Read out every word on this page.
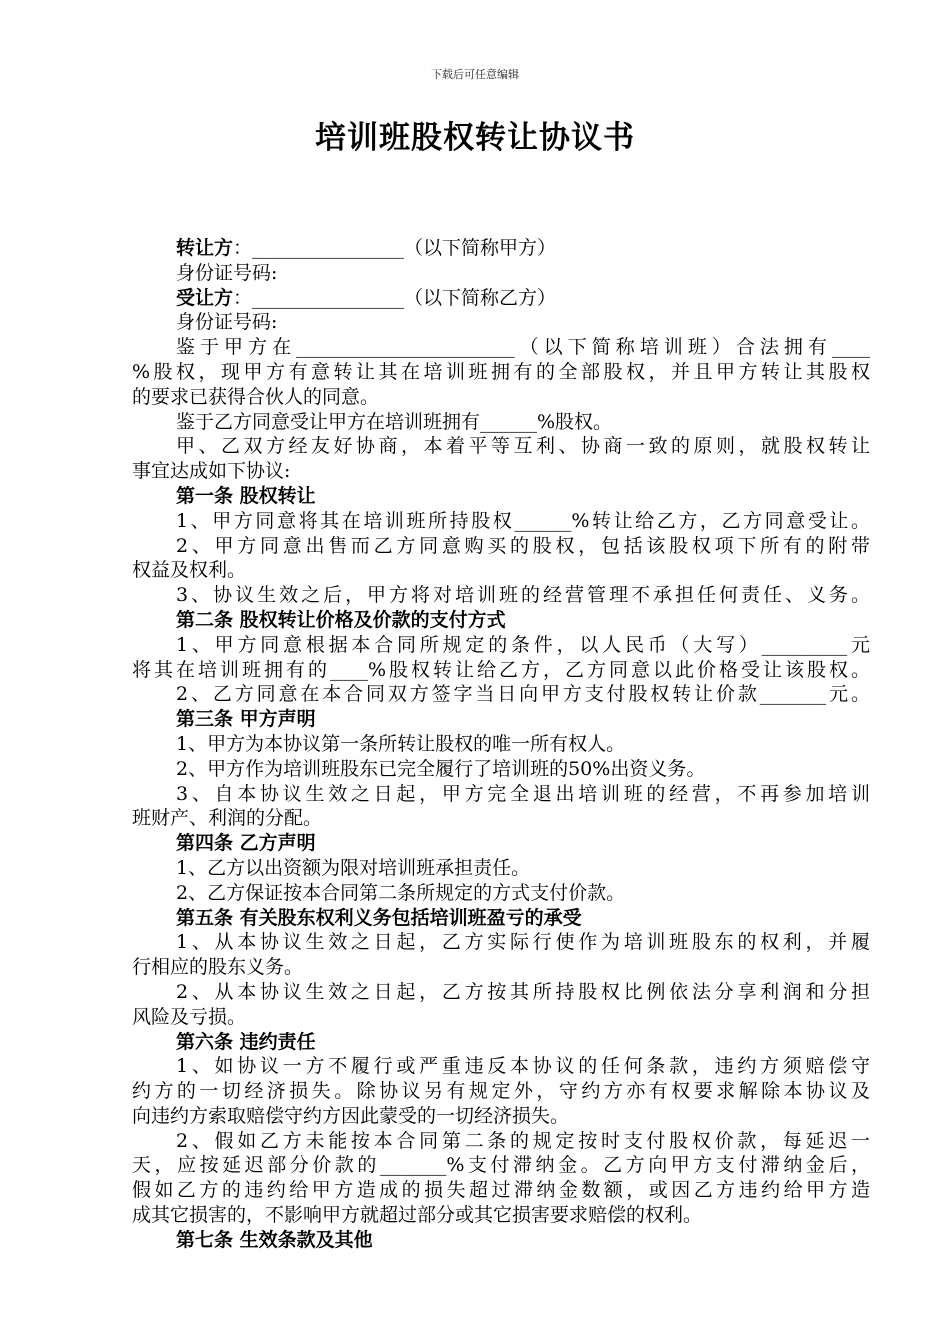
下载后可任意编辑
培训班股权转让协议书
转让方：________________（以下简称甲方）
身份证号码:
受让方：________________（以下简称乙方）
身份证号码:
鉴于甲方在_______________________（以下简称培训班）合法拥有____
%股权，现甲方有意转让其在培训班拥有的全部股权，并且甲方转让其股权
的要求已获得合伙人的同意。
鉴于乙方同意受让甲方在培训班拥有______%股权。
甲、乙双方经友好协商，本着平等互利、协商一致的原则，就股权转让
事宜达成如下协议:
第一条 股权转让
1、甲方同意将其在培训班所持股权______%转让给乙方，乙方同意受让。
2、甲方同意出售而乙方同意购买的股权，包括该股权项下所有的附带
权益及权利。
3、协议生效之后，甲方将对培训班的经营管理不承担任何责任、义务。
第二条 股权转让价格及价款的支付方式
1、甲方同意根据本合同所规定的条件，以人民币（大写）_________元
将其在培训班拥有的____%股权转让给乙方，乙方同意以此价格受让该股权。
2、乙方同意在本合同双方签字当日向甲方支付股权转让价款_______元。
第三条 甲方声明
1、甲方为本协议第一条所转让股权的唯一所有权人。
2、甲方作为培训班股东已完全履行了培训班的50%出资义务。
3、自本协议生效之日起，甲方完全退出培训班的经营，不再参加培训
班财产、利润的分配。
第四条 乙方声明
1、乙方以出资额为限对培训班承担责任。
2、乙方保证按本合同第二条所规定的方式支付价款。
第五条 有关股东权利义务包括培训班盈亏的承受
1、从本协议生效之日起，乙方实际行使作为培训班股东的权利，并履
行相应的股东义务。
2、从本协议生效之日起，乙方按其所持股权比例依法分享利润和分担
风险及亏损。
第六条 违约责任
1、如协议一方不履行或严重违反本协议的任何条款，违约方须赔偿守
约方的一切经济损失。除协议另有规定外，守约方亦有权要求解除本协议及
向违约方索取赔偿守约方因此蒙受的一切经济损失。
2、假如乙方未能按本合同第二条的规定按时支付股权价款，每延迟一
天，应按延迟部分价款的_______%支付滞纳金。乙方向甲方支付滞纳金后，
假如乙方的违约给甲方造成的损失超过滞纳金数额，或因乙方违约给甲方造
成其它损害的，不影响甲方就超过部分或其它损害要求赔偿的权利。
第七条 生效条款及其他
